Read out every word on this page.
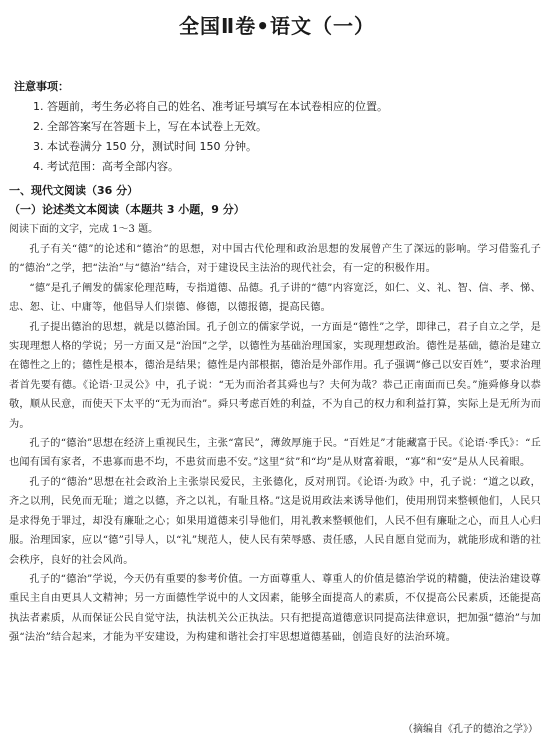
全国Ⅱ卷•语文（一）
注意事项：
1. 答题前，考生务必将自己的姓名、准考证号填写在本试卷相应的位置。
2. 全部答案写在答题卡上，写在本试卷上无效。
3. 本试卷满分 150 分，测试时间 150 分钟。
4. 考试范围：高考全部内容。
一、现代文阅读（36 分）
（一）论述类文本阅读（本题共 3 小题，9 分）
阅读下面的文字，完成 1～3 题。

孔子有关“德”的论述和“德治”的思想，对中国古代伦理和政治思想的发展曾产生了深远的影响。学习借鉴孔子的“德治”之学，把“法治”与“德治”结合，对于建设民主法治的现代社会，有一定的积极作用。

“德”是孔子阐发的儒家伦理范畴，专指道德、品德。孔子讲的“德”内容宽泛，如仁、义、礼、智、信、孝、悌、忠、恕、让、中庸等，他倡导人们崇德、修德，以德报德，提高民德。

孔子提出德治的思想，就是以德治国。孔子创立的儒家学说，一方面是“德性”之学，即律己，君子自立之学，是实现理想人格的学说；另一方面又是“治国”之学，以德性为基础治理国家，实现理想政治。德性是基础，德治是建立在德性之上的；德性是根本，德治是结果；德性是内部根据，德治是外部作用。孔子强调“修己以安百姓”，要求治理者首先要有德。《论语·卫灵公》中，孔子说：“无为而治者其舜也与？夫何为哉？恭己正南面而已矣。”施舜修身以恭敬，顺从民意，而使天下太平的“无为而治”。舜只考虑百姓的利益，不为自己的权力和利益打算，实际上是无所为而为。

孔子的“德治”思想在经济上重视民生，主张“富民”，薄敛厚施于民。“百姓足”才能藏富于民。《论语·季氏》：“丘也闻有国有家者，不患寡而患不均，不患贫而患不安。”这里“贫”和“均”是从财富着眼，“寡”和“安”是从人民着眼。

孔子的“德治”思想在社会政治上主张崇民爱民，主张德化，反对刑罚。《论语·为政》中，孔子说：“道之以政，齐之以刑，民免而无耻；道之以德，齐之以礼，有耻且格。”这是说用政法来诱导他们，使用刑罚来整顿他们，人民只是求得免于罪过，却没有廉耻之心；如果用道德来引导他们，用礼教来整顿他们，人民不但有廉耻之心，而且人心归服。治理国家，应以“德”引导人，以“礼”规范人，使人民有荣辱感、责任感，人民自愿自觉而为，就能形成和谐的社会秩序，良好的社会风尚。

孔子的“德治”学说，今天仍有重要的参考价值。一方面尊重人、尊重人的价值是德治学说的精髓，使法治建设尊重民主自由更具人文精神；另一方面德性学说中的人文因素，能够全面提高人的素质，不仅提高公民素质，还能提高执法者素质，从而保证公民自觉守法，执法机关公正执法。只有把提高道德意识同提高法律意识，把加强“德治”与加强“法治”结合起来，才能为平安建设，为构建和谐社会打牢思想道德基础，创造良好的法治环境。

（摘编自《孔子的德治之学》）
